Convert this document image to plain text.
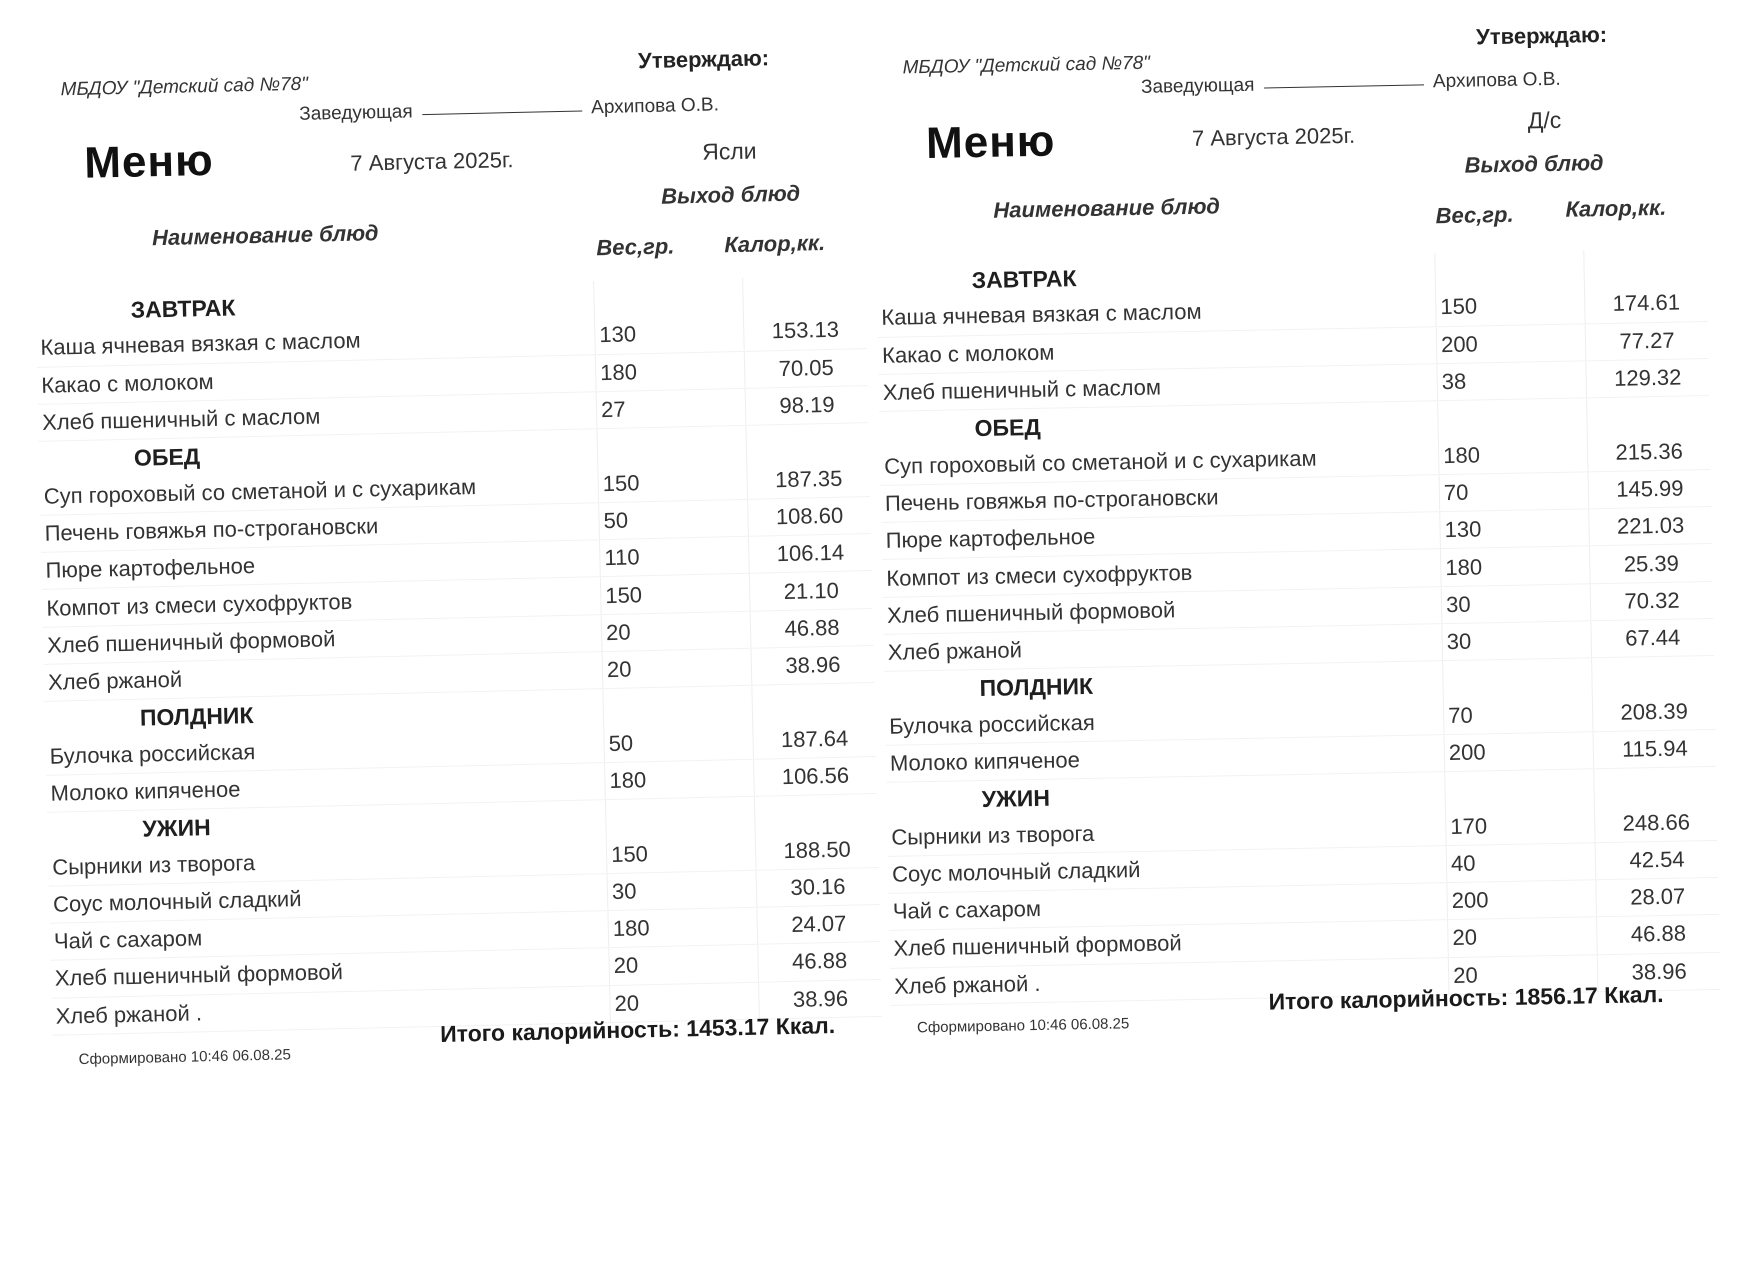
МБДОУ "Детский сад №78"
Утверждаю:
Заведующая	Архипова О.В.
Меню	7 Августа 2025г.	Ясли
Выход блюд
Наименование блюд	Вес,гр. Калор,кк.
ЗАВТРАК		
Каша ячневая вязкая с маслом	130	153.13
Какао с молоком	180	70.05
Хлеб пшеничный с маслом	27	98.19
ОБЕД		
Суп гороховый со сметаной и с сухарикам	150	187.35
Печень говяжья по-строгановски	50	108.60
Пюре картофельное	110	106.14
Компот из смеси сухофруктов	150	21.10
Хлеб пшеничный формовой	20	46.88
Хлеб ржаной	20	38.96
ПОЛДНИК		
Булочка российская	50	187.64
Молоко кипяченое	180	106.56
УЖИН		
Сырники из творога	150	188.50
Соус молочный сладкий	30	30.16
Чай с сахаром	180	24.07
Хлеб пшеничный формовой	20	46.88
Хлеб ржаной .	20	38.96
Сформировано 10:46 06.08.25
Итого калорийность: 1453.17 Ккал.
МБДОУ "Детский сад №78"
Утверждаю:
Заведующая	Архипова О.В.
Меню	7 Августа 2025г.
Д/с
Выход блюд
Наименование блюд	Вес,гр. Калор,кк.
ЗАВТРАК		
Каша ячневая вязкая с маслом	150	174.61
Какао с молоком	200	77.27
Хлеб пшеничный с маслом	38	129.32
ОБЕД		
Суп гороховый со сметаной и с сухарикам	180	215.36
Печень говяжья по-строгановски	70	145.99
Пюре картофельное	130	221.03
Компот из смеси сухофруктов	180	25.39
Хлеб пшеничный формовой	30	70.32
Хлеб ржаной	30	67.44
ПОЛДНИК		
Булочка российская	70	208.39
Молоко кипяченое	200	115.94
УЖИН		
Сырники из творога	170	248.66
Соус молочный сладкий	40	42.54
Чай с сахаром	200	28.07
Хлеб пшеничный формовой	20	46.88
Хлеб ржаной .	20	38.96
Сформировано 10:46 06.08.25
Итого калорийность: 1856.17 Ккал.
